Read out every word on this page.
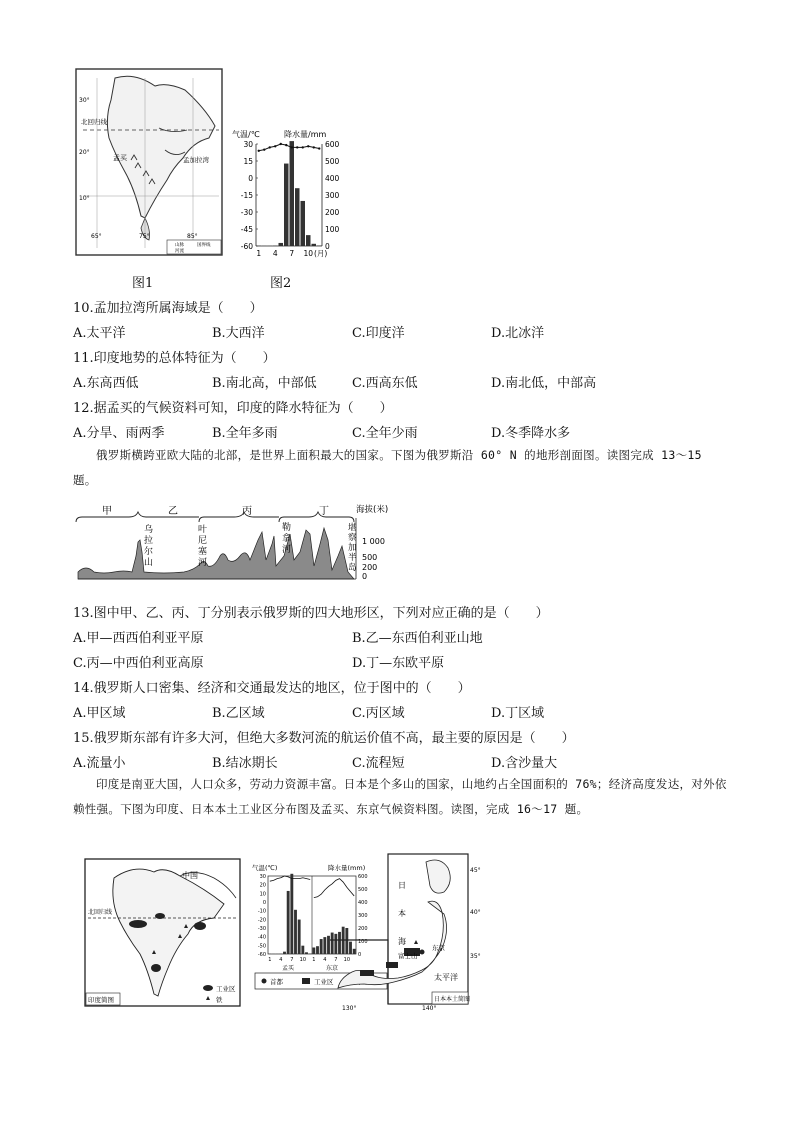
30°
20°
10°
北回归线
孟买	孟加拉湾
65°	75°	85°
山脉	国界线
河流
图1
气温/℃	降水量/mm
30
15
0
-15
-30
-45
-60
600
500
400
300
200
100
0
1 4 7 10 (月)
图2
10.孟加拉湾所属海域是（　　）
A.太平洋	B.大西洋	C.印度洋	D.北冰洋
11.印度地势的总体特征为（　　）
A.东高西低	B.南北高，中部低	C.西高东低	D.南北低，中部高
12.据孟买的气候资料可知，印度的降水特征为（　　）
A.分旱、雨两季	B.全年多雨	C.全年少雨	D.冬季降水多
俄罗斯横跨亚欧大陆的北部，是世界上面积最大的国家。下图为俄罗斯沿 60° N 的地形剖面图。读图完成 13～15 题。
甲	乙	丙	丁	海拔(米)
1 000
500
200
0
乌拉尔山
叶尼塞河
勒拿河
堪察加半岛
13.图中甲、乙、丙、丁分别表示俄罗斯的四大地形区，下列对应正确的是（　　）
A.甲—西西伯利亚平原	B.乙—东西伯利亚山地
C.丙—中西伯利亚高原	D.丁—东欧平原
14.俄罗斯人口密集、经济和交通最发达的地区，位于图中的（　　）
A.甲区域	B.乙区域	C.丙区域	D.丁区域
15.俄罗斯东部有许多大河，但绝大多数河流的航运价值不高，最主要的原因是（　　）
A.流量小	B.结冰期长	C.流程短	D.含沙量大
印度是南亚大国，人口众多，劳动力资源丰富。日本是个多山的国家，山地约占全国面积的 76%；经济高度发达，对外依赖性强。下图为印度、日本本土工业区分布图及孟买、东京气候资料图。读图，完成 16～17 题。
中国
北回归线
印度简图
工业区
铁
气温(℃)	降水量(mm)
30
20
10
0
-10
-20
-30
-40
-50
-60
600
500
400
300
200
100
0
孟买	东京
1	1
4	4
7	7
10	10
首都	工业区
日本海
富士山
东京
太平洋
日本本土简图
45°
40°
35°
130°	140°
